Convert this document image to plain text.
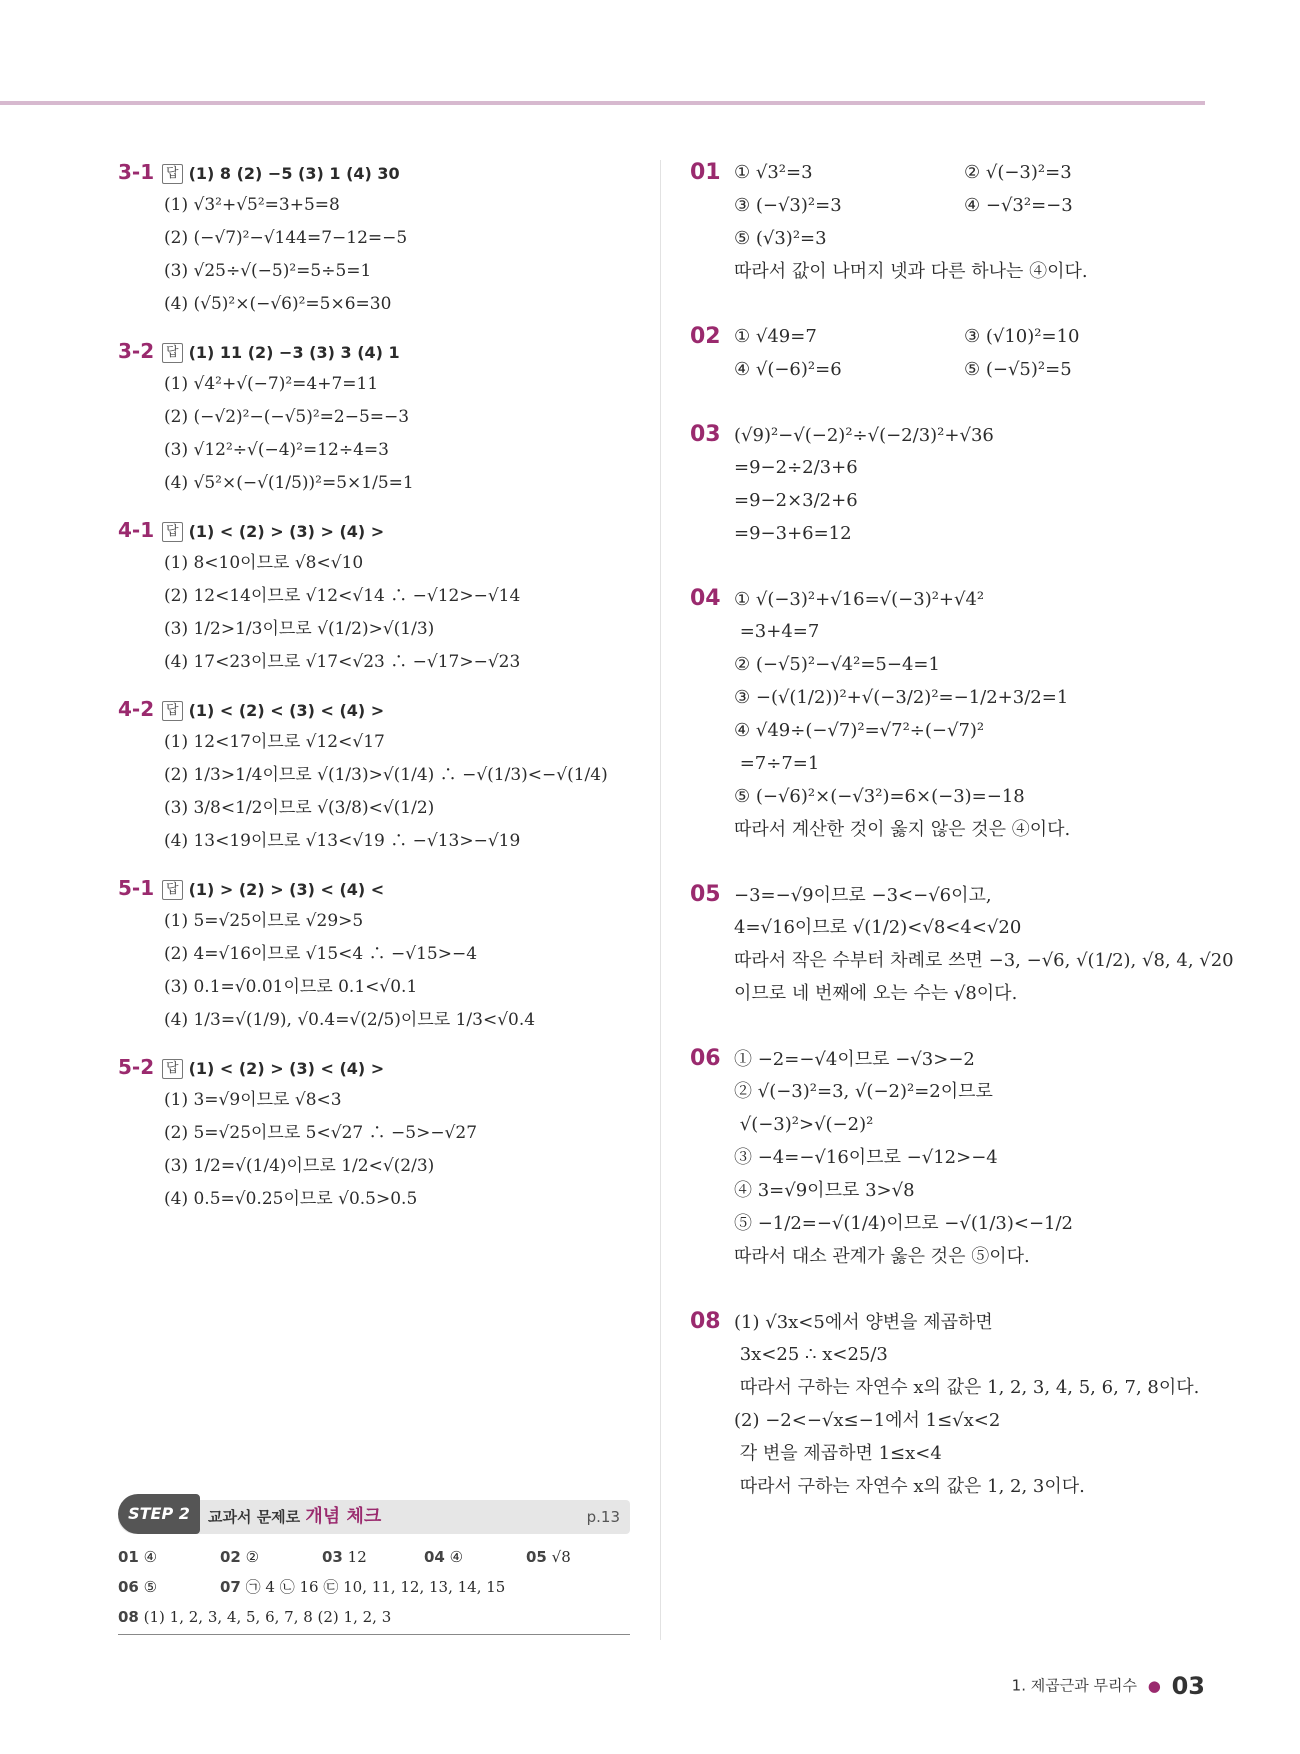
3-1 답 (1) 8 (2) −5 (3) 1 (4) 30
(1) √3²+√5²=3+5=8
(2) (−√7)²−√144=7−12=−5
(3) √25÷√(−5)²=5÷5=1
(4) (√5)²×(−√6)²=5×6=30
3-2 답 (1) 11 (2) −3 (3) 3 (4) 1
(1) √4²+√(−7)²=4+7=11
(2) (−√2)²−(−√5)²=2−5=−3
(3) √12²÷√(−4)²=12÷4=3
(4) √5²×(−√(1/5))²=5×1/5=1
4-1 답 (1) < (2) > (3) > (4) >
(1) 8<10이므로 √8<√10
(2) 12<14이므로 √12<√14 ∴ −√12>−√14
(3) 1/2>1/3이므로 √(1/2)>√(1/3)
(4) 17<23이므로 √17<√23 ∴ −√17>−√23
4-2 답 (1) < (2) < (3) < (4) >
(1) 12<17이므로 √12<√17
(2) 1/3>1/4이므로 √(1/3)>√(1/4) ∴ −√(1/3)<−√(1/4)
(3) 3/8<1/2이므로 √(3/8)<√(1/2)
(4) 13<19이므로 √13<√19 ∴ −√13>−√19
5-1 답 (1) > (2) > (3) < (4) <
(1) 5=√25이므로 √29>5
(2) 4=√16이므로 √15<4 ∴ −√15>−4
(3) 0.1=√0.01이므로 0.1<√0.1
(4) 1/3=√(1/9), √0.4=√(2/5)이므로 1/3<√0.4
5-2 답 (1) < (2) > (3) < (4) >
(1) 3=√9이므로 √8<3
(2) 5=√25이므로 5<√27 ∴ −5>−√27
(3) 1/2=√(1/4)이므로 1/2<√(2/3)
(4) 0.5=√0.25이므로 √0.5>0.5
01 ① √3²=3	② √(−3)²=3
③ (−√3)²=3	④ −√3²=−3
⑤ (√3)²=3
따라서 값이 나머지 넷과 다른 하나는 ④이다.
02 ① √49=7	③ (√10)²=10
④ √(−6)²=6	⑤ (−√5)²=5
03 (√9)²−√(−2)²÷√(−2/3)²+√36
=9−2÷2/3+6
=9−2×3/2+6
=9−3+6=12
04 ① √(−3)²+√16=√(−3)²+√4²
=3+4=7
② (−√5)²−√4²=5−4=1
③ −(√(1/2))²+√(−3/2)²=−1/2+3/2=1
④ √49÷(−√7)²=√7²÷(−√7)²
=7÷7=1
⑤ (−√6)²×(−√3²)=6×(−3)=−18
따라서 계산한 것이 옳지 않은 것은 ④이다.
05 −3=−√9이므로 −3<−√6이고,
4=√16이므로 √(1/2)<√8<4<√20
따라서 작은 수부터 차례로 쓰면 −3, −√6, √(1/2), √8, 4, √20
이므로 네 번째에 오는 수는 √8이다.
06 ① −2=−√4이므로 −√3>−2
② √(−3)²=3, √(−2)²=2이므로
√(−3)²>√(−2)²
③ −4=−√16이므로 −√12>−4
④ 3=√9이므로 3>√8
⑤ −1/2=−√(1/4)이므로 −√(1/3)<−1/2
따라서 대소 관계가 옳은 것은 ⑤이다.
08 (1) √3x<5에서 양변을 제곱하면
3x<25 ∴ x<25/3
따라서 구하는 자연수 x의 값은 1, 2, 3, 4, 5, 6, 7, 8이다.
(2) −2<−√x≤−1에서 1≤√x<2
각 변을 제곱하면 1≤x<4
따라서 구하는 자연수 x의 값은 1, 2, 3이다.
STEP 2	교과서 문제로 개념 체크	p.13
01 ④	02 ②	03 12	04 ④	05 √8
06 ⑤	07 ㉠ 4 ㉡ 16 ㉢ 10, 11, 12, 13, 14, 15
08 (1) 1, 2, 3, 4, 5, 6, 7, 8 (2) 1, 2, 3
1. 제곱근과 무리수 ● 03
